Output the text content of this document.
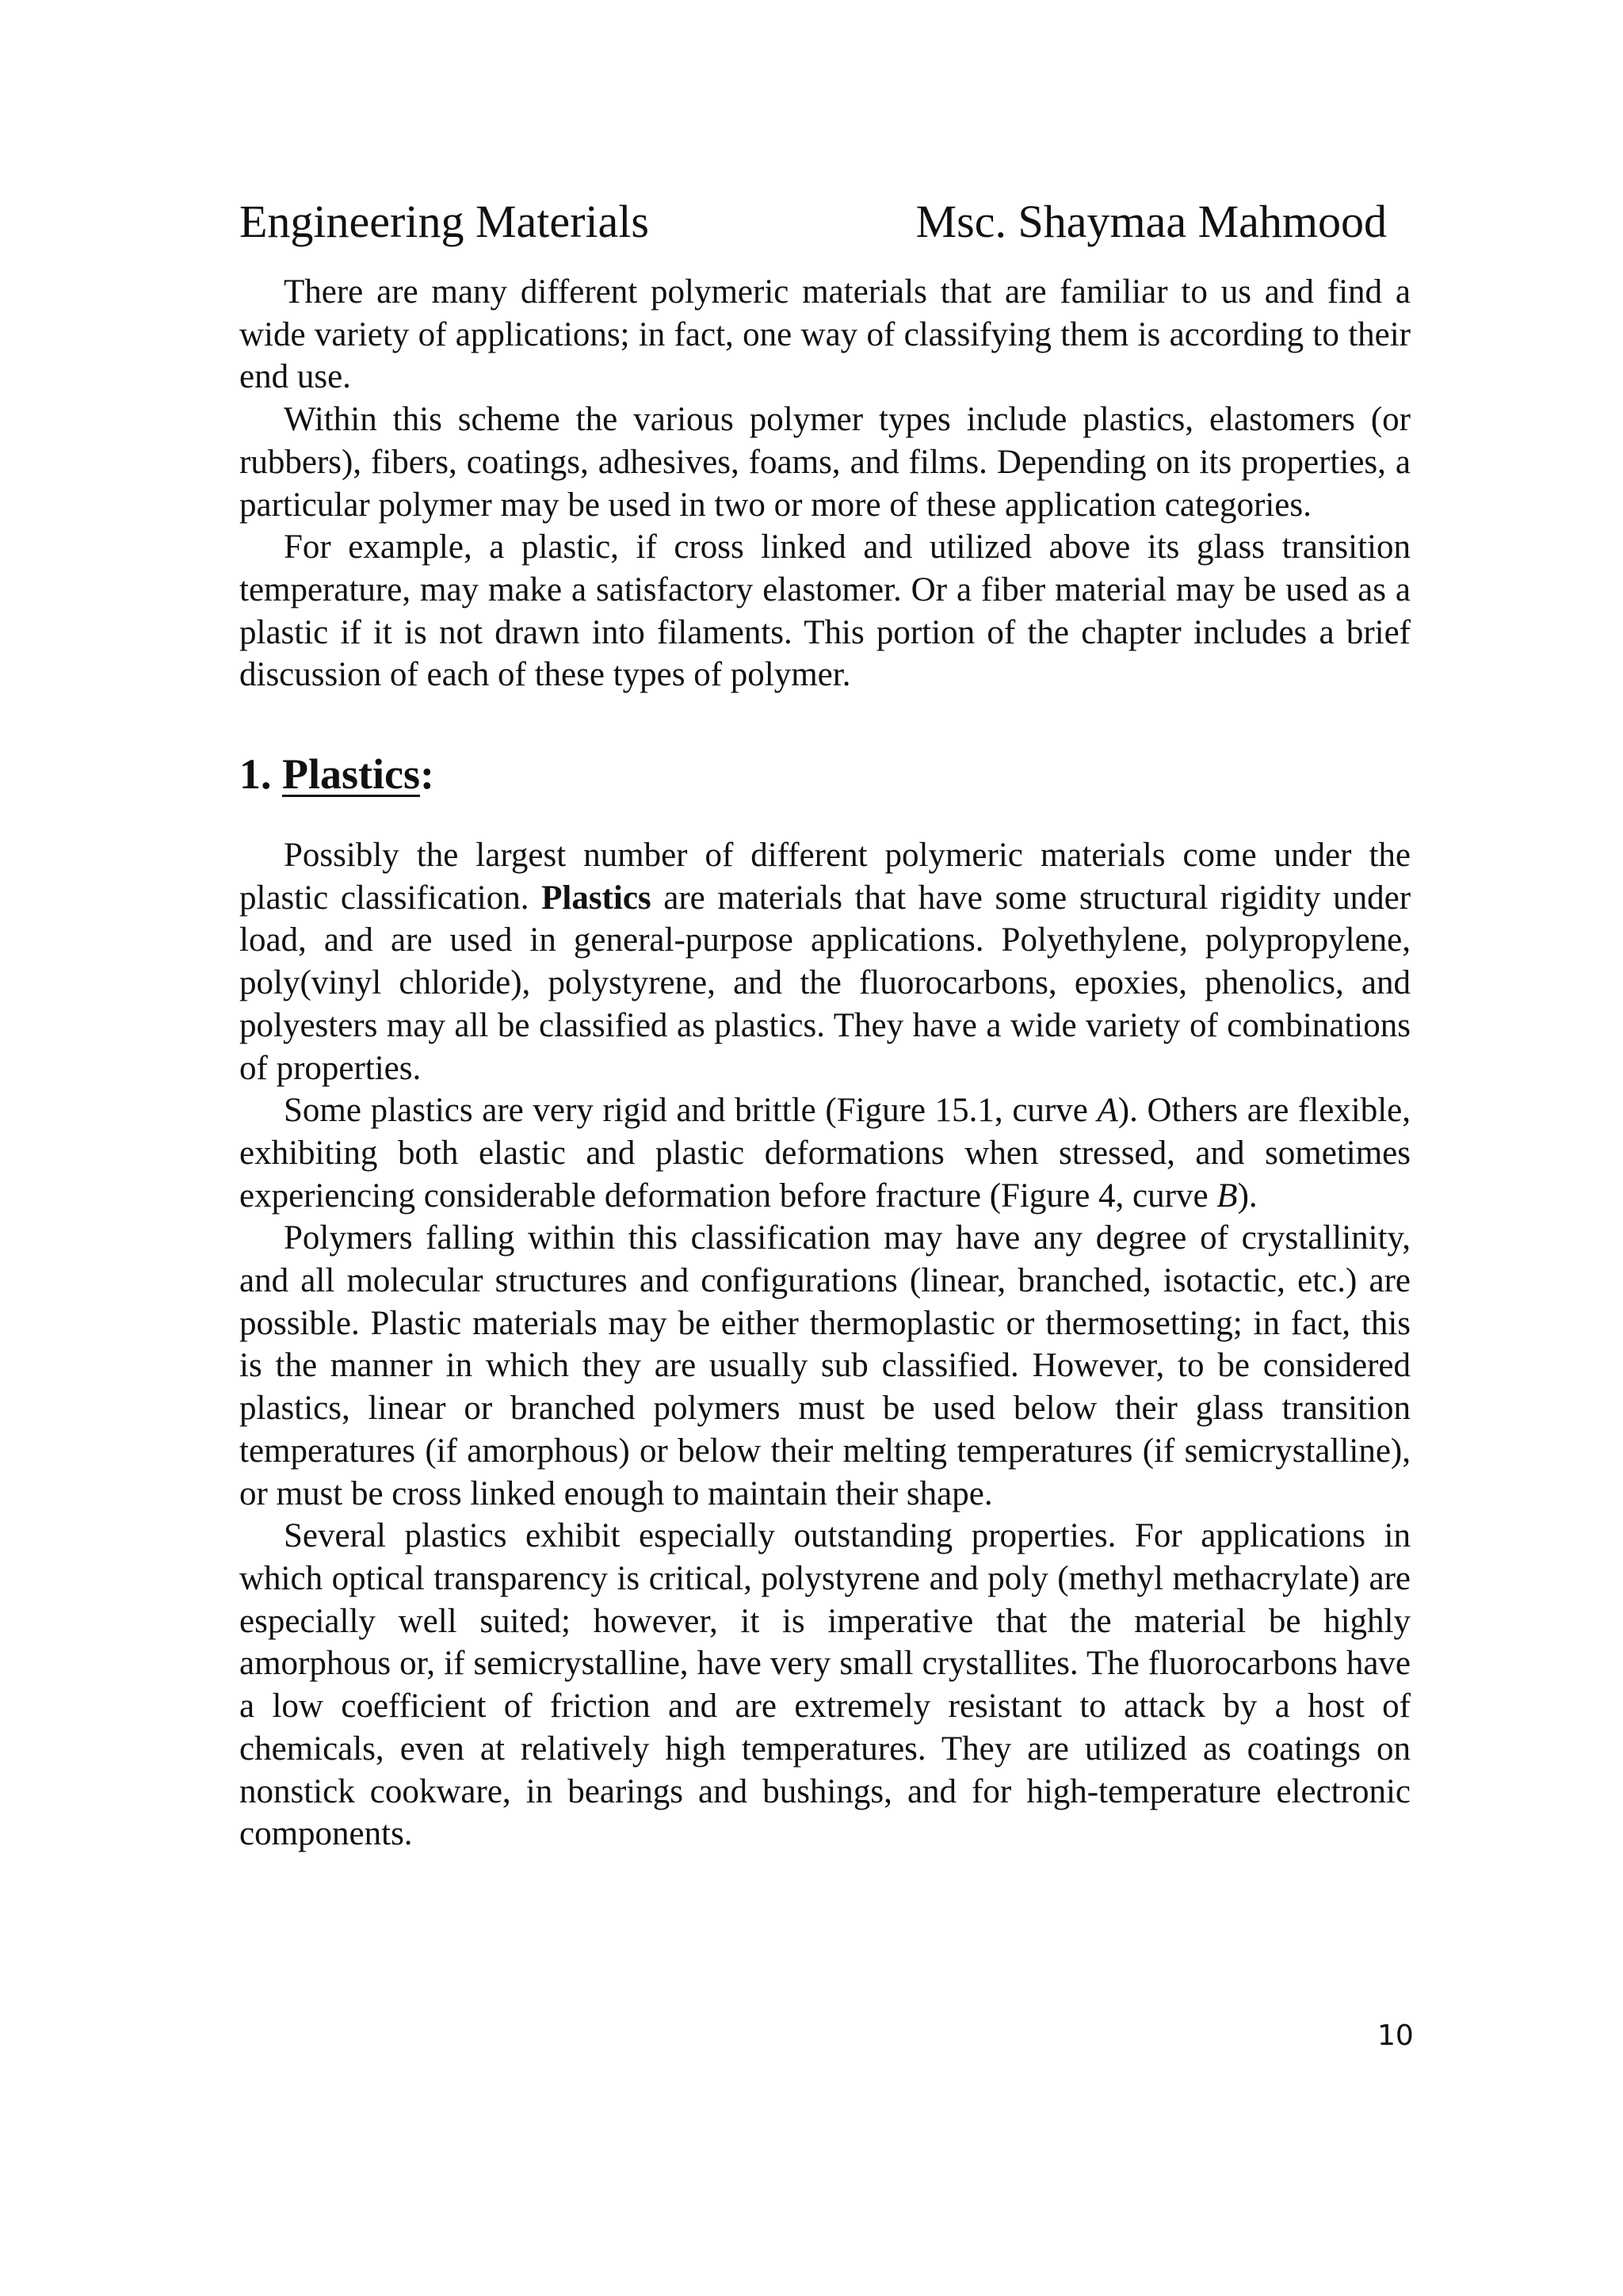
Engineering Materials	Msc. Shaymaa Mahmood

There are many different polymeric materials that are familiar to us and find a wide variety of applications; in fact, one way of classifying them is according to their end use.

Within this scheme the various polymer types include plastics, elastomers (or rubbers), fibers, coatings, adhesives, foams, and films. Depending on its properties, a particular polymer may be used in two or more of these application categories.

For example, a plastic, if cross linked and utilized above its glass transition temperature, may make a satisfactory elastomer. Or a fiber material may be used as a plastic if it is not drawn into filaments. This portion of the chapter includes a brief discussion of each of these types of polymer.

1. Plastics:

Possibly the largest number of different polymeric materials come under the plastic classification. Plastics are materials that have some structural rigidity under load, and are used in general-purpose applications. Polyethylene, polypropylene, poly(vinyl chloride), polystyrene, and the fluorocarbons, epoxies, phenolics, and polyesters may all be classified as plastics. They have a wide variety of combinations of properties.

Some plastics are very rigid and brittle (Figure 15.1, curve A). Others are flexible, exhibiting both elastic and plastic deformations when stressed, and sometimes experiencing considerable deformation before fracture (Figure 4, curve B).

Polymers falling within this classification may have any degree of crystallinity, and all molecular structures and configurations (linear, branched, isotactic, etc.) are possible. Plastic materials may be either thermoplastic or thermosetting; in fact, this is the manner in which they are usually sub classified. However, to be considered plastics, linear or branched polymers must be used below their glass transition temperatures (if amorphous) or below their melting temperatures (if semicrystalline), or must be cross linked enough to maintain their shape.

Several plastics exhibit especially outstanding properties. For applications in which optical transparency is critical, polystyrene and poly (methyl methacrylate) are especially well suited; however, it is imperative that the material be highly amorphous or, if semicrystalline, have very small crystallites. The fluorocarbons have a low coefficient of friction and are extremely resistant to attack by a host of chemicals, even at relatively high temperatures. They are utilized as coatings on nonstick cookware, in bearings and bushings, and for high-temperature electronic components.

10
